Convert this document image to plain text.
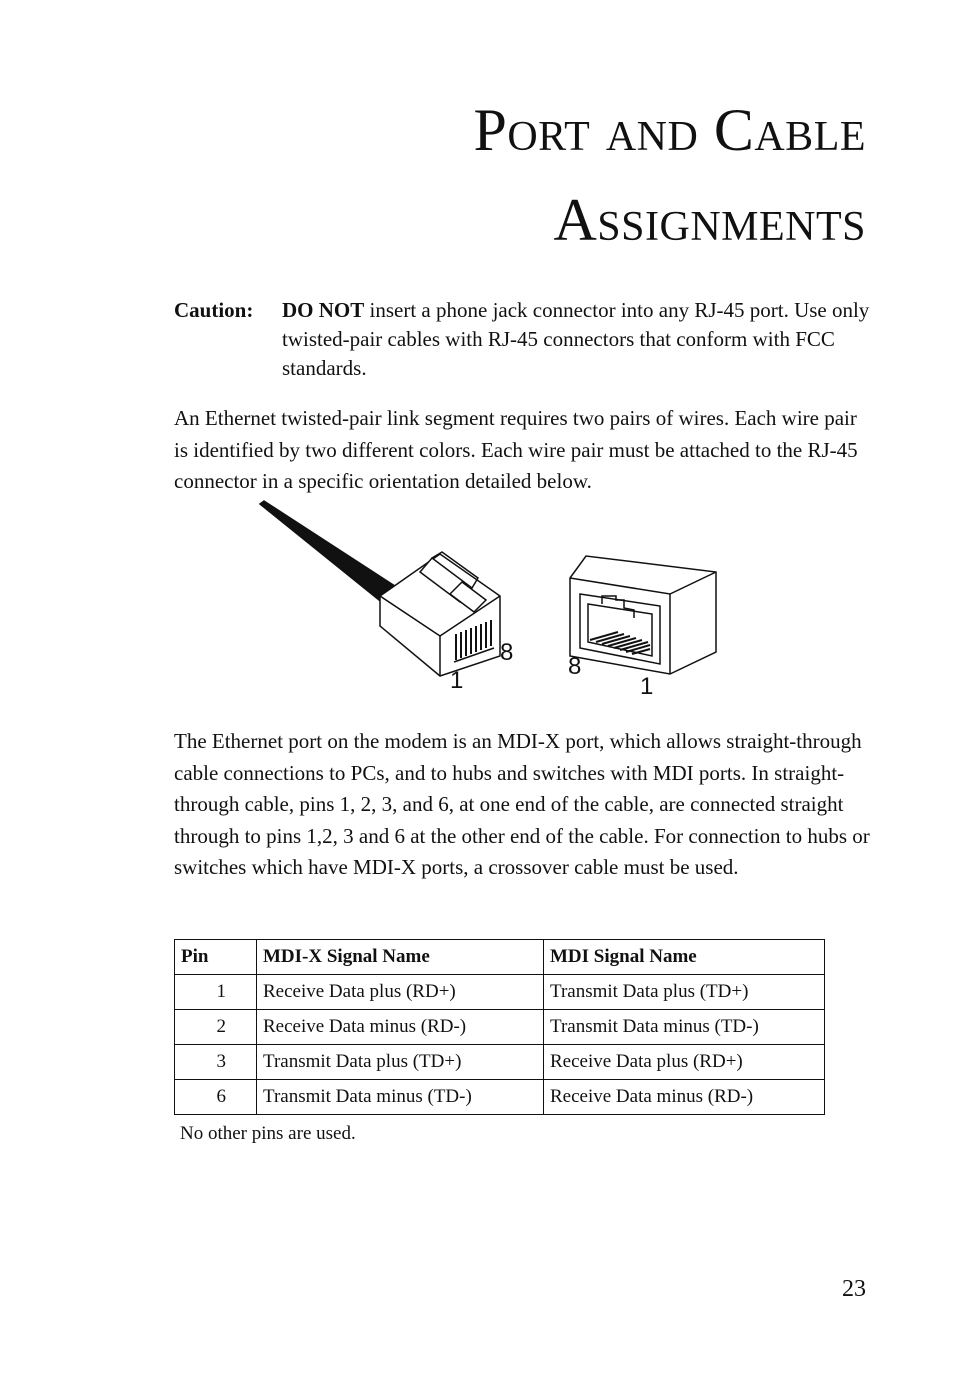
Port and Cable
Assignments
Caution: DO NOT insert a phone jack connector into any RJ-45 port. Use only twisted-pair cables with RJ-45 connectors that conform with FCC standards.

An Ethernet twisted-pair link segment requires two pairs of wires. Each wire pair is identified by two different colors. Each wire pair must be attached to the RJ-45 connector in a specific orientation detailed below.

1
8
8
1

The Ethernet port on the modem is an MDI-X port, which allows straight-through cable connections to PCs, and to hubs and switches with MDI ports. In straight-through cable, pins 1, 2, 3, and 6, at one end of the cable, are connected straight through to pins 1,2, 3 and 6 at the other end of the cable. For connection to hubs or switches which have MDI-X ports, a crossover cable must be used.

Pin	MDI-X Signal Name	MDI Signal Name
1	Receive Data plus (RD+)	Transmit Data plus (TD+)
2	Receive Data minus (RD-)	Transmit Data minus (TD-)
3	Transmit Data plus (TD+)	Receive Data plus (RD+)
6	Transmit Data minus (TD-)	Receive Data minus (RD-)
No other pins are used.
23
